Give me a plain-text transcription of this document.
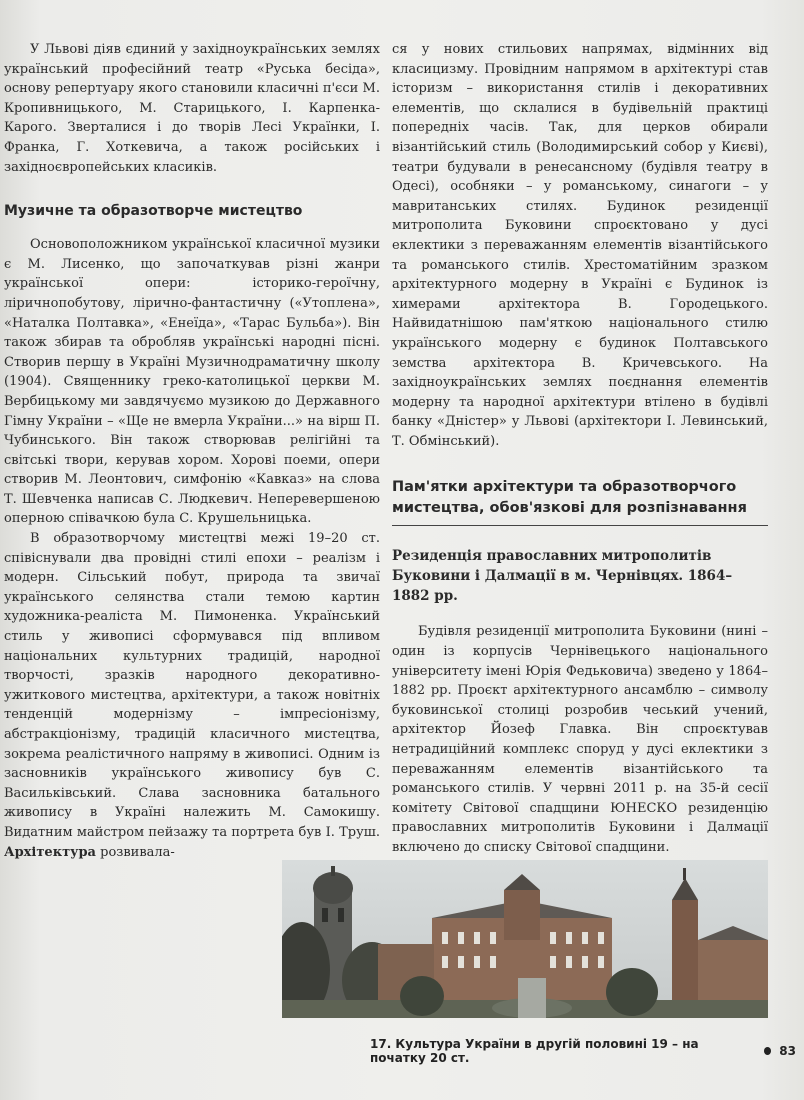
У Львові діяв єдиний у західноукраїнських землях український професійний театр «Руська бесіда», основу репертуару якого становили класичні п'єси М. Кропивницького, М. Старицького, І. Карпенка-Карого. Зверталися і до творів Лесі Українки, І. Франка, Г. Хоткевича, а також російських і західноєвропейських класиків.

Музичне та образотворче мистецтво

Основоположником української класичної музики є М. Лисенко, що започаткував різні жанри української опери: історико-героїчну, ліричнопобутову, лірично-фантастичну («Утоплена», «Наталка Полтавка», «Енеїда», «Тарас Бульба»). Він також збирав та обробляв українські народні пісні. Створив першу в Україні Музичнодраматичну школу (1904). Священнику греко-католицької церкви М. Вербицькому ми завдячуємо музикою до Державного Гімну України – «Ще не вмерла України...» на вірш П. Чубинського. Він також створював релігійні та світські твори, керував хором. Хорові поеми, опери створив М. Леонтович, симфонію «Кавказ» на слова Т. Шевченка написав С. Людкевич. Неперевершеною оперною співачкою була С. Крушельницька.

В образотворчому мистецтві межі 19–20 ст. співіснували два провідні стилі епохи – реалізм і модерн. Сільський побут, природа та звичаї українського селянства стали темою картин художника-реаліста М. Пимоненка. Український стиль у живописі сформувався під впливом національних культурних традицій, народної творчості, зразків народного декоративно-ужиткового мистецтва, архітектури, а також новітніх тенденцій модернізму – імпресіонізму, абстракціонізму, традицій класичного мистецтва, зокрема реалістичного напряму в живописі. Одним із засновників українського живопису був С. Васильківський. Слава засновника батального живопису в Україні належить М. Самокишу. Видатним майстром пейзажу та портрета був І. Труш. Архітектура розвивала-

ся у нових стильових напрямах, відмінних від класицизму. Провідним напрямом в архітектурі став історизм – використання стилів і декоративних елементів, що склалися в будівельній практиці попередніх часів. Так, для церков обирали візантійський стиль (Володимирський собор у Києві), театри будували в ренесансному (будівля театру в Одесі), особняки – у романському, синагоги – у мавританських стилях. Будинок резиденції митрополита Буковини спроєктовано у дусі еклектики з переважанням елементів візантійського та романського стилів. Хрестоматійним зразком архітектурного модерну в Україні є Будинок із химерами архітектора В. Городецького. Найвидатнішою пам'яткою національного стилю українського модерну є будинок Полтавського земства архітектора В. Кричевського. На західноукраїнських землях поєднання елементів модерну та народної архітектури втілено в будівлі банку «Дністер» у Львові (архітектори І. Левинський, Т. Обмінський).

Пам'ятки архітектури та образотворчого мистецтва, обов'язкові для розпізнавання
Резиденція православних митрополитів Буковини і Далмації в м. Чернівцях. 1864–1882 рр.

Будівля резиденції митрополита Буковини (нині – один із корпусів Чернівецького національного університету імені Юрія Федьковича) зведено у 1864–1882 рр. Проєкт архітектурного ансамблю – символу буковинської столиці розробив чеський учений, архітектор Йозеф Главка. Він спроєктував нетрадиційний комплекс споруд у дусі еклектики з переважанням елементів візантійського та романського стилів. У червні 2011 р. на 35-й сесії комітету Світової спадщини ЮНЕСКО резиденцію православних митрополитів Буковини і Далмації включено до списку Світової спадщини.

17. Культура України в другій половині 19 – на початку 20 ст.	83
